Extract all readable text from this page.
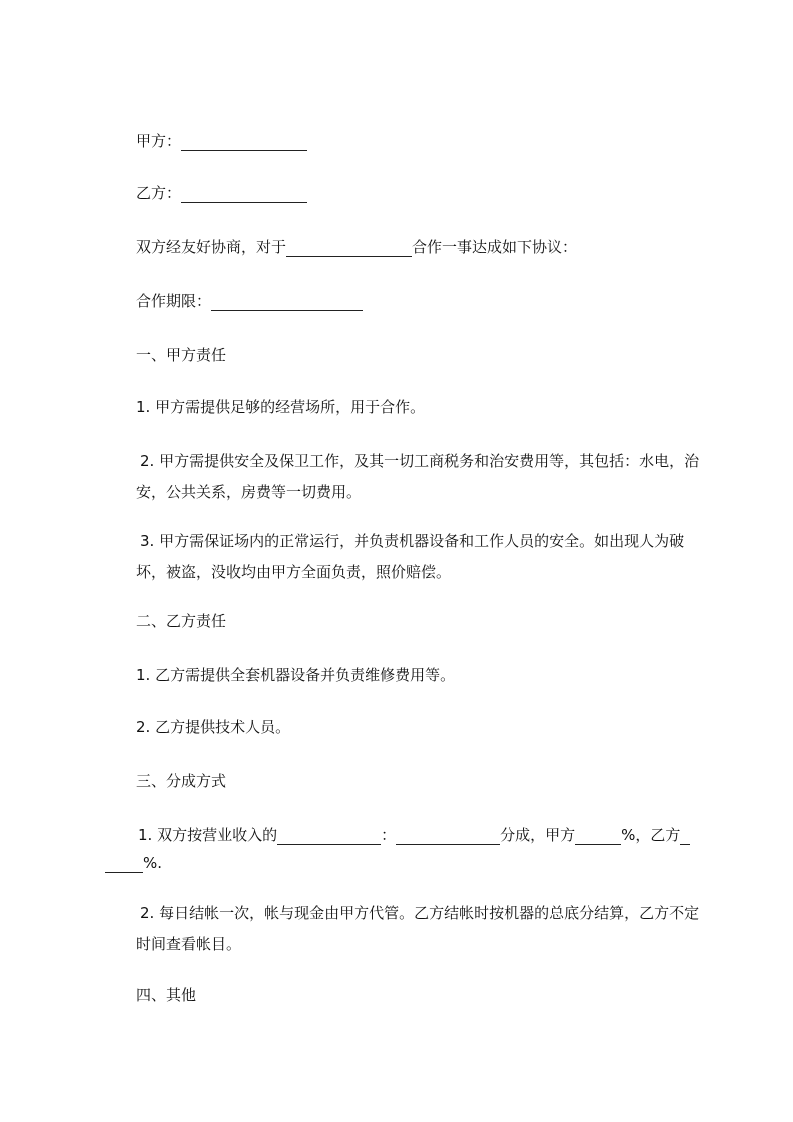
甲方：

乙方：

双方经友好协商，对于	合作一事达成如下协议：

合作期限：

一、甲方责任

1. 甲方需提供足够的经营场所，用于合作。

2. 甲方需提供安全及保卫工作，及其一切工商税务和治安费用等，其包括：水电，治安，公共关系，房费等一切费用。

3. 甲方需保证场内的正常运行，并负责机器设备和工作人员的安全。如出现人为破坏，被盗，没收均由甲方全面负责，照价赔偿。

二、乙方责任

1. 乙方需提供全套机器设备并负责维修费用等。

2. 乙方提供技术人员。

三、分成方式

1. 双方按营业收入的	：	分成，甲方	%，乙方

%.

2. 每日结帐一次，帐与现金由甲方代管。乙方结帐时按机器的总底分结算，乙方不定时间查看帐目。

四、其他
